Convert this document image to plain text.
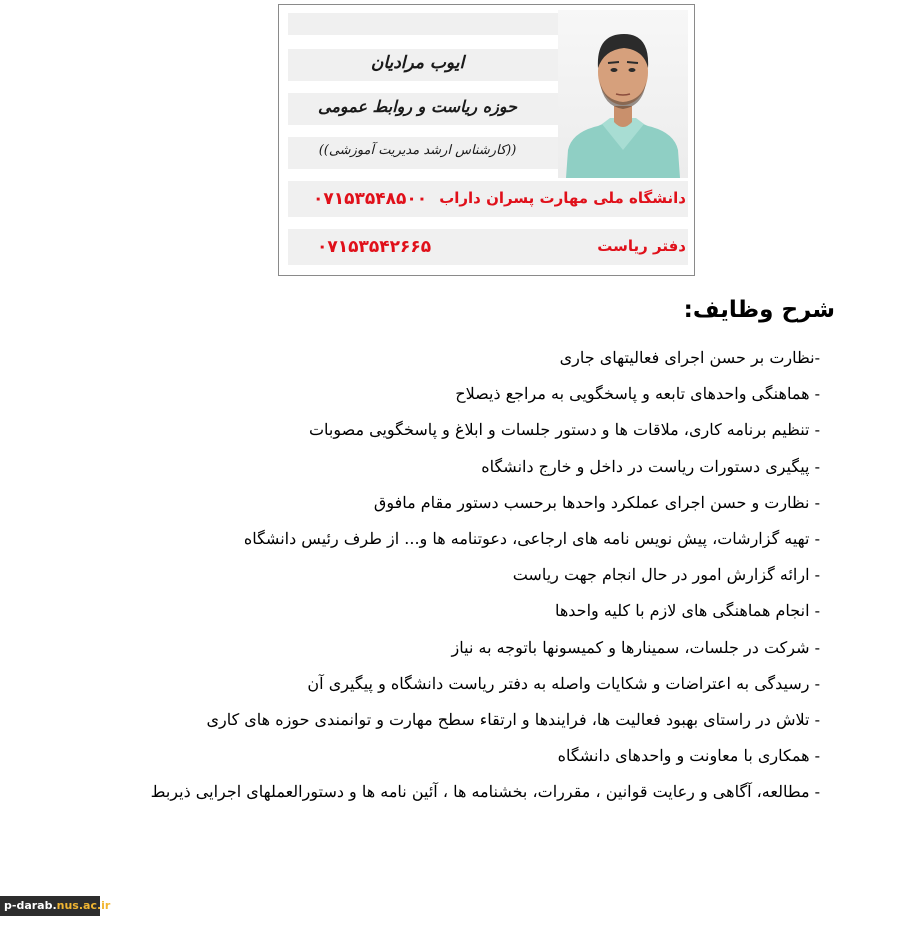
ایوب مرادیان
حوزه ریاست و روابط عمومی
((کارشناس ارشد مدیریت آموزشی))
دانشگاه ملی مهارت پسران داراب
۰۷۱۵۳۵۴۸۵۰۰
دفتر ریاست
۰۷۱۵۳۵۴۲۶۶۵
شرح وظایف:
-نظارت بر حسن اجرای فعالیتهای جاری
- هماهنگی واحدهای تابعه و پاسخگویی به مراجع ذیصلاح
- تنظیم برنامه کاری، ملاقات ها و دستور جلسات و ابلاغ و پاسخگویی مصوبات
- پیگیری دستورات ریاست در داخل و خارج دانشگاه
- نظارت و حسن اجرای عملکرد واحدها برحسب دستور مقام مافوق
- تهیه گزارشات، پیش نویس نامه های ارجاعی، دعوتنامه ها و... از طرف رئیس دانشگاه
- ارائه گزارش امور در حال انجام جهت ریاست
- انجام هماهنگی های لازم با کلیه واحدها
- شرکت در جلسات، سمینارها و کمیسونها باتوجه به نیاز
- رسیدگی به اعتراضات و شکایات واصله به دفتر ریاست دانشگاه و پیگیری آن
- تلاش در راستای بهبود فعالیت ها، فرایندها و ارتقاء سطح مهارت و توانمندی حوزه های کاری
- همکاری با معاونت و واحدهای دانشگاه
- مطالعه، آگاهی و رعایت قوانین ، مقررات، بخشنامه ها ، آئین نامه ها و دستورالعملهای اجرایی ذیربط
p-darab.nus.ac.ir
